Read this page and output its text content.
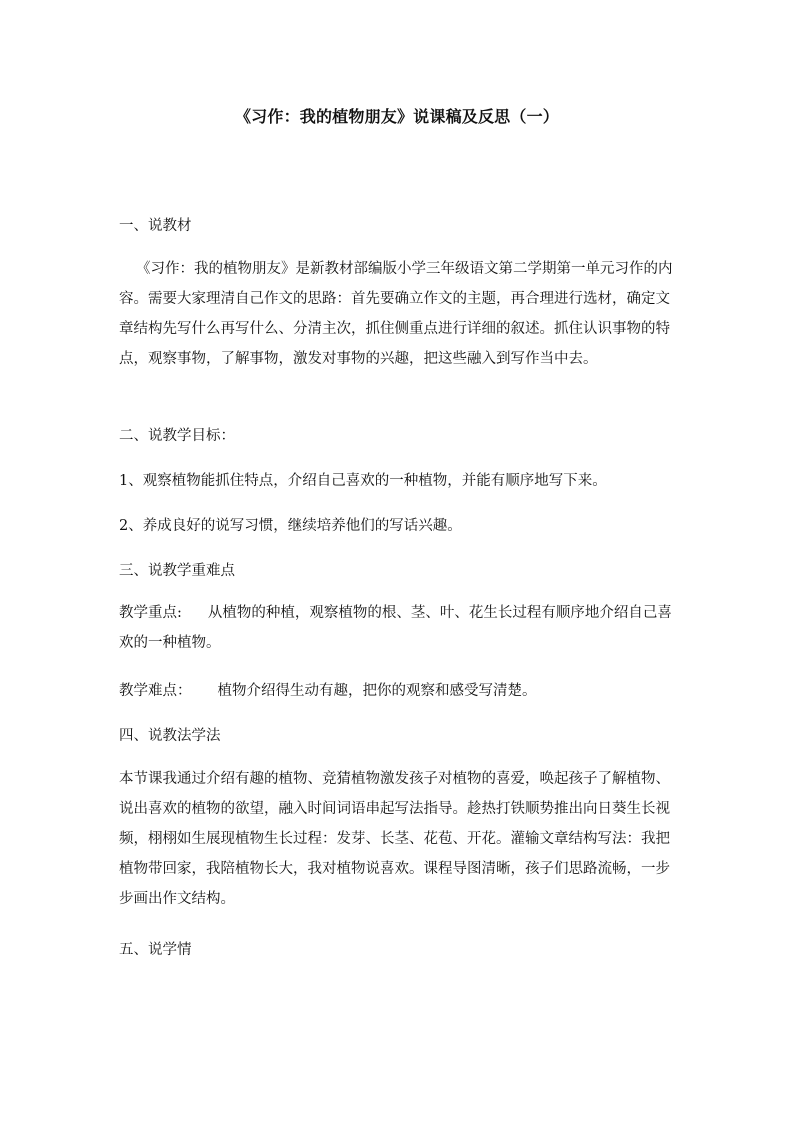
《习作：我的植物朋友》说课稿及反思（一）
一、说教材
《习作：我的植物朋友》是新教材部编版小学三年级语文第二学期第一单元习作的内容。需要大家理清自己作文的思路：首先要确立作文的主题，再合理进行选材，确定文章结构先写什么再写什么、分清主次，抓住侧重点进行详细的叙述。抓住认识事物的特点，观察事物，了解事物，激发对事物的兴趣，把这些融入到写作当中去。
二、说教学目标：
1、观察植物能抓住特点，介绍自己喜欢的一种植物，并能有顺序地写下来。
2、养成良好的说写习惯，继续培养他们的写话兴趣。
三、说教学重难点
教学重点: 从植物的种植，观察植物的根、茎、叶、花生长过程有顺序地介绍自己喜欢的一种植物。
教学难点： 植物介绍得生动有趣，把你的观察和感受写清楚。
四、说教法学法
本节课我通过介绍有趣的植物、竞猜植物激发孩子对植物的喜爱，唤起孩子了解植物、说出喜欢的植物的欲望，融入时间词语串起写法指导。趁热打铁顺势推出向日葵生长视频，栩栩如生展现植物生长过程：发芽、长茎、花苞、开花。灌输文章结构写法：我把植物带回家，我陪植物长大，我对植物说喜欢。课程导图清晰，孩子们思路流畅，一步步画出作文结构。
五、说学情
